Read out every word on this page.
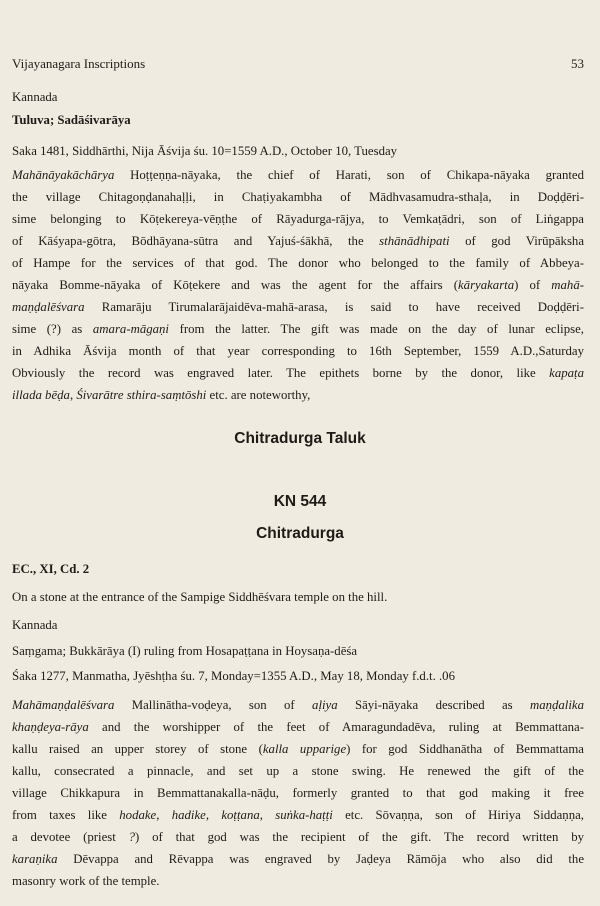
Vijayanagara Inscriptions	53
Kannada
Tuluva; Sadāśivarāya
Saka 1481, Siddhārthi, Nija Āśvija śu. 10=1559 A.D., October 10, Tuesday
Mahānāyakāchārya Hoṭṭeṇṇa-nāyaka, the chief of Harati, son of Chikapa-nāyaka granted
the village Chitagoṇḍanahaḷḷi, in Chaṭiyakambha of Mādhvasamudra-sthaḷa, in Doḍḍēri-
sime belonging to Kōṭekereya-vēṇṭhe of Rāyadurga-rājya, to Vemkaṭādri, son of Liṅgappa
of Kāśyapa-gōtra, Bōdhāyana-sūtra and Yajuś-śākhā, the sthānādhipati of god Virūpāksha
of Hampe for the services of that god. The donor who belonged to the family of Abbeya-
nāyaka Bomme-nāyaka of Kōṭekere and was the agent for the affairs (kāryakarta) of mahā-
maṇḍalēśvara Ramarāju Tirumalarājaidēva-mahā-arasa, is said to have received Doḍḍēri-
sime (?) as amara-māgaṇi from the latter. The gift was made on the day of lunar eclipse,
in Adhika Āśvija month of that year corresponding to 16th September, 1559 A.D.,Saturday
Obviously the record was engraved later. The epithets borne by the donor, like kapaṭa
illada bēḍa, Śivarātre sthira-saṃtōshi etc. are noteworthy,
Chitradurga Taluk
KN 544
Chitradurga
EC., XI, Cd. 2
On a stone at the entrance of the Sampige Siddhēśvara temple on the hill.
Kannada
Saṃgama; Bukkārāya (I) ruling from Hosapaṭṭana in Hoysaṇa-dēśa
Śaka 1277, Manmatha, Jyēshṭha śu. 7, Monday=1355 A.D., May 18, Monday f.d.t. .06
Mahāmaṇḍalēśvara Mallinātha-voḍeya, son of aḷiya Sāyi-nāyaka described as maṇḍalika
khaṇḍeya-rāya and the worshipper of the feet of Amaragundadēva, ruling at Bemmattana-
kallu raised an upper storey of stone (kalla upparige) for god Siddhanātha of Bemmattama
kallu, consecrated a pinnacle, and set up a stone swing. He renewed the gift of the
village Chikkapura in Bemmattanakalla-nāḍu, formerly granted to that god making it free
from taxes like hodake, hadike, koṭṭana, suṅka-haṭṭi etc. Sōvaṇṇa, son of Hiriya Siddaṇṇa,
a devotee (priest ?) of that god was the recipient of the gift. The record written by
karaṇika Dēvappa and Rēvappa was engraved by Jaḍeya Rāmōja who also did the
masonry work of the temple.
